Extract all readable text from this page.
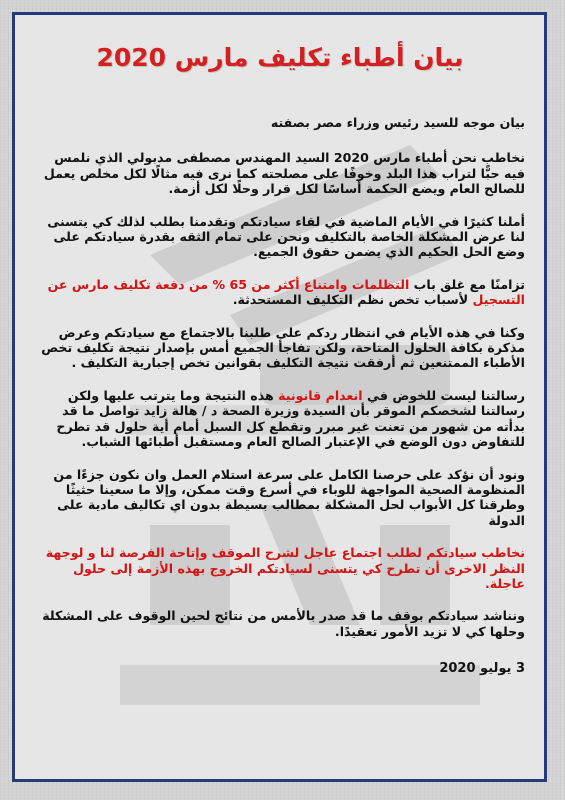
بيان أطباء تكليف مارس 2020
بيان موجه للسيد رئيس وزراء مصر بصفته
نخاطب نحن أطباء مارس 2020 السيد المهندس مصطفى مدبولي الذي نلمس فيه حبًّا لتراب هذا البلد وخوفًا على مصلحته كما نرى فيه مثالًا لكل مخلص يعمل للصالح العام ويضع الحكمة أساسًا لكل قرار وحلًا لكل أزمة.
أملنا كثيرًا في الأيام الماضية في لقاء سيادتكم وتقدمنا بطلب لذلك كي يتسنى لنا عرض المشكلة الخاصة بالتكليف ونحن على تمام الثقه بقدرة سيادتكم على وضع الحل الحكيم الذي يضمن حقوق الجميع.
تزامنًا مع غلق باب التظلمات وامتناع أكثر من 65 % من دفعة تكليف مارس عن التسجيل لأسباب تخص نظم التكليف المستحدثة.
وكنا في هذه الأيام في انتظار ردكم على طلبنا بالاجتماع مع سيادتكم وعرض مذكرة بكافة الحلول المتاحة، ولكن تفاجأ الجميع أمس بإصدار نتيجة تكليف تخص الأطباء الممتنعين ثم أرفقت نتيجة التكليف بقوانين تخص إجبارية التكليف .
رسالتنا ليست للخوض في انعدام قانونية هذه النتيجة وما يترتب عليها ولكن رسالتنا لشخصكم الموقر بأن السيدة وزيرة الصحة د / هالة زايد تواصل ما قد بدأته من شهور من تعنت غير مبرر وتقطع كل السبل أمام أية حلول قد تطرح للتفاوض دون الوضع في الإعتبار الصالح العام ومستقبل أطبائها الشباب.
ونود أن نؤكد على حرصنا الكامل على سرعة استلام العمل وان نكون جزءًا من المنظومة الصحية المواجهة للوباء في أسرع وقت ممكن، وإلا ما سعينا حثيثًا وطرقنا كل الأبواب لحل المشكلة بمطالب بسيطة بدون اي تكاليف مادية على الدولة
نخاطب سيادتكم لطلب اجتماع عاجل لشرح الموقف وإتاحة الفرصة لنا و لوجهة النظر الاخرى أن تطرح كي يتسنى لسيادتكم الخروج بهذه الأزمة إلى حلول عاجلة.
ونناشد سيادتكم بوقف ما قد صدر بالأمس من نتائج لحين الوقوف على المشكلة وحلها كي لا تزيد الأمور تعقيدًا.
3 يوليو 2020
